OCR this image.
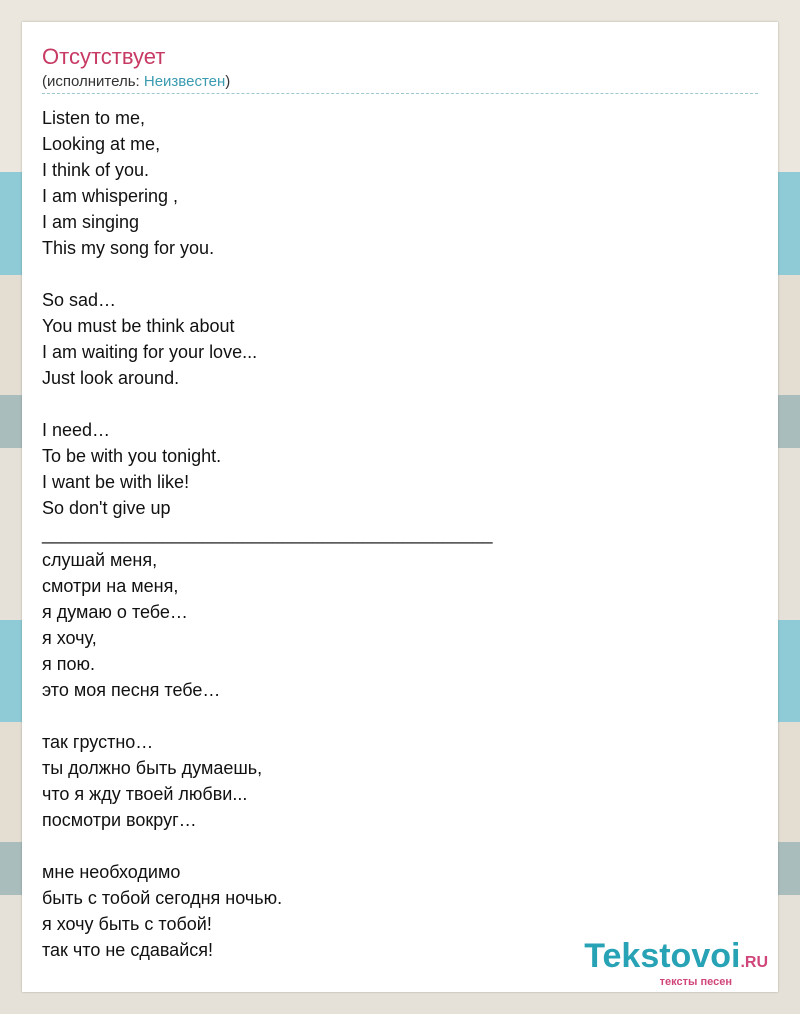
Отсутствует
(исполнитель: Неизвестен)
Listen to me,
Looking at me,
I think of you.
I am whispering ,
I am singing
This my song for you.
So sad…
You must be think about
I am waiting for your love...
Just look around.
I need…
To be with you tonight.
I want be with like!
So don't give up
_____________________________________________
слушай меня,
смотри на меня,
я думаю о тебе…
я хочу,
я пою.
это моя песня тебе…
так грустно…
ты должно быть думаешь,
что я жду твоей любви...
посмотри вокруг…
мне необходимо
быть с тобой сегодня ночью.
я хочу быть с тобой!
так что не сдавайся!	Tekstovoi.RU
тексты песен
